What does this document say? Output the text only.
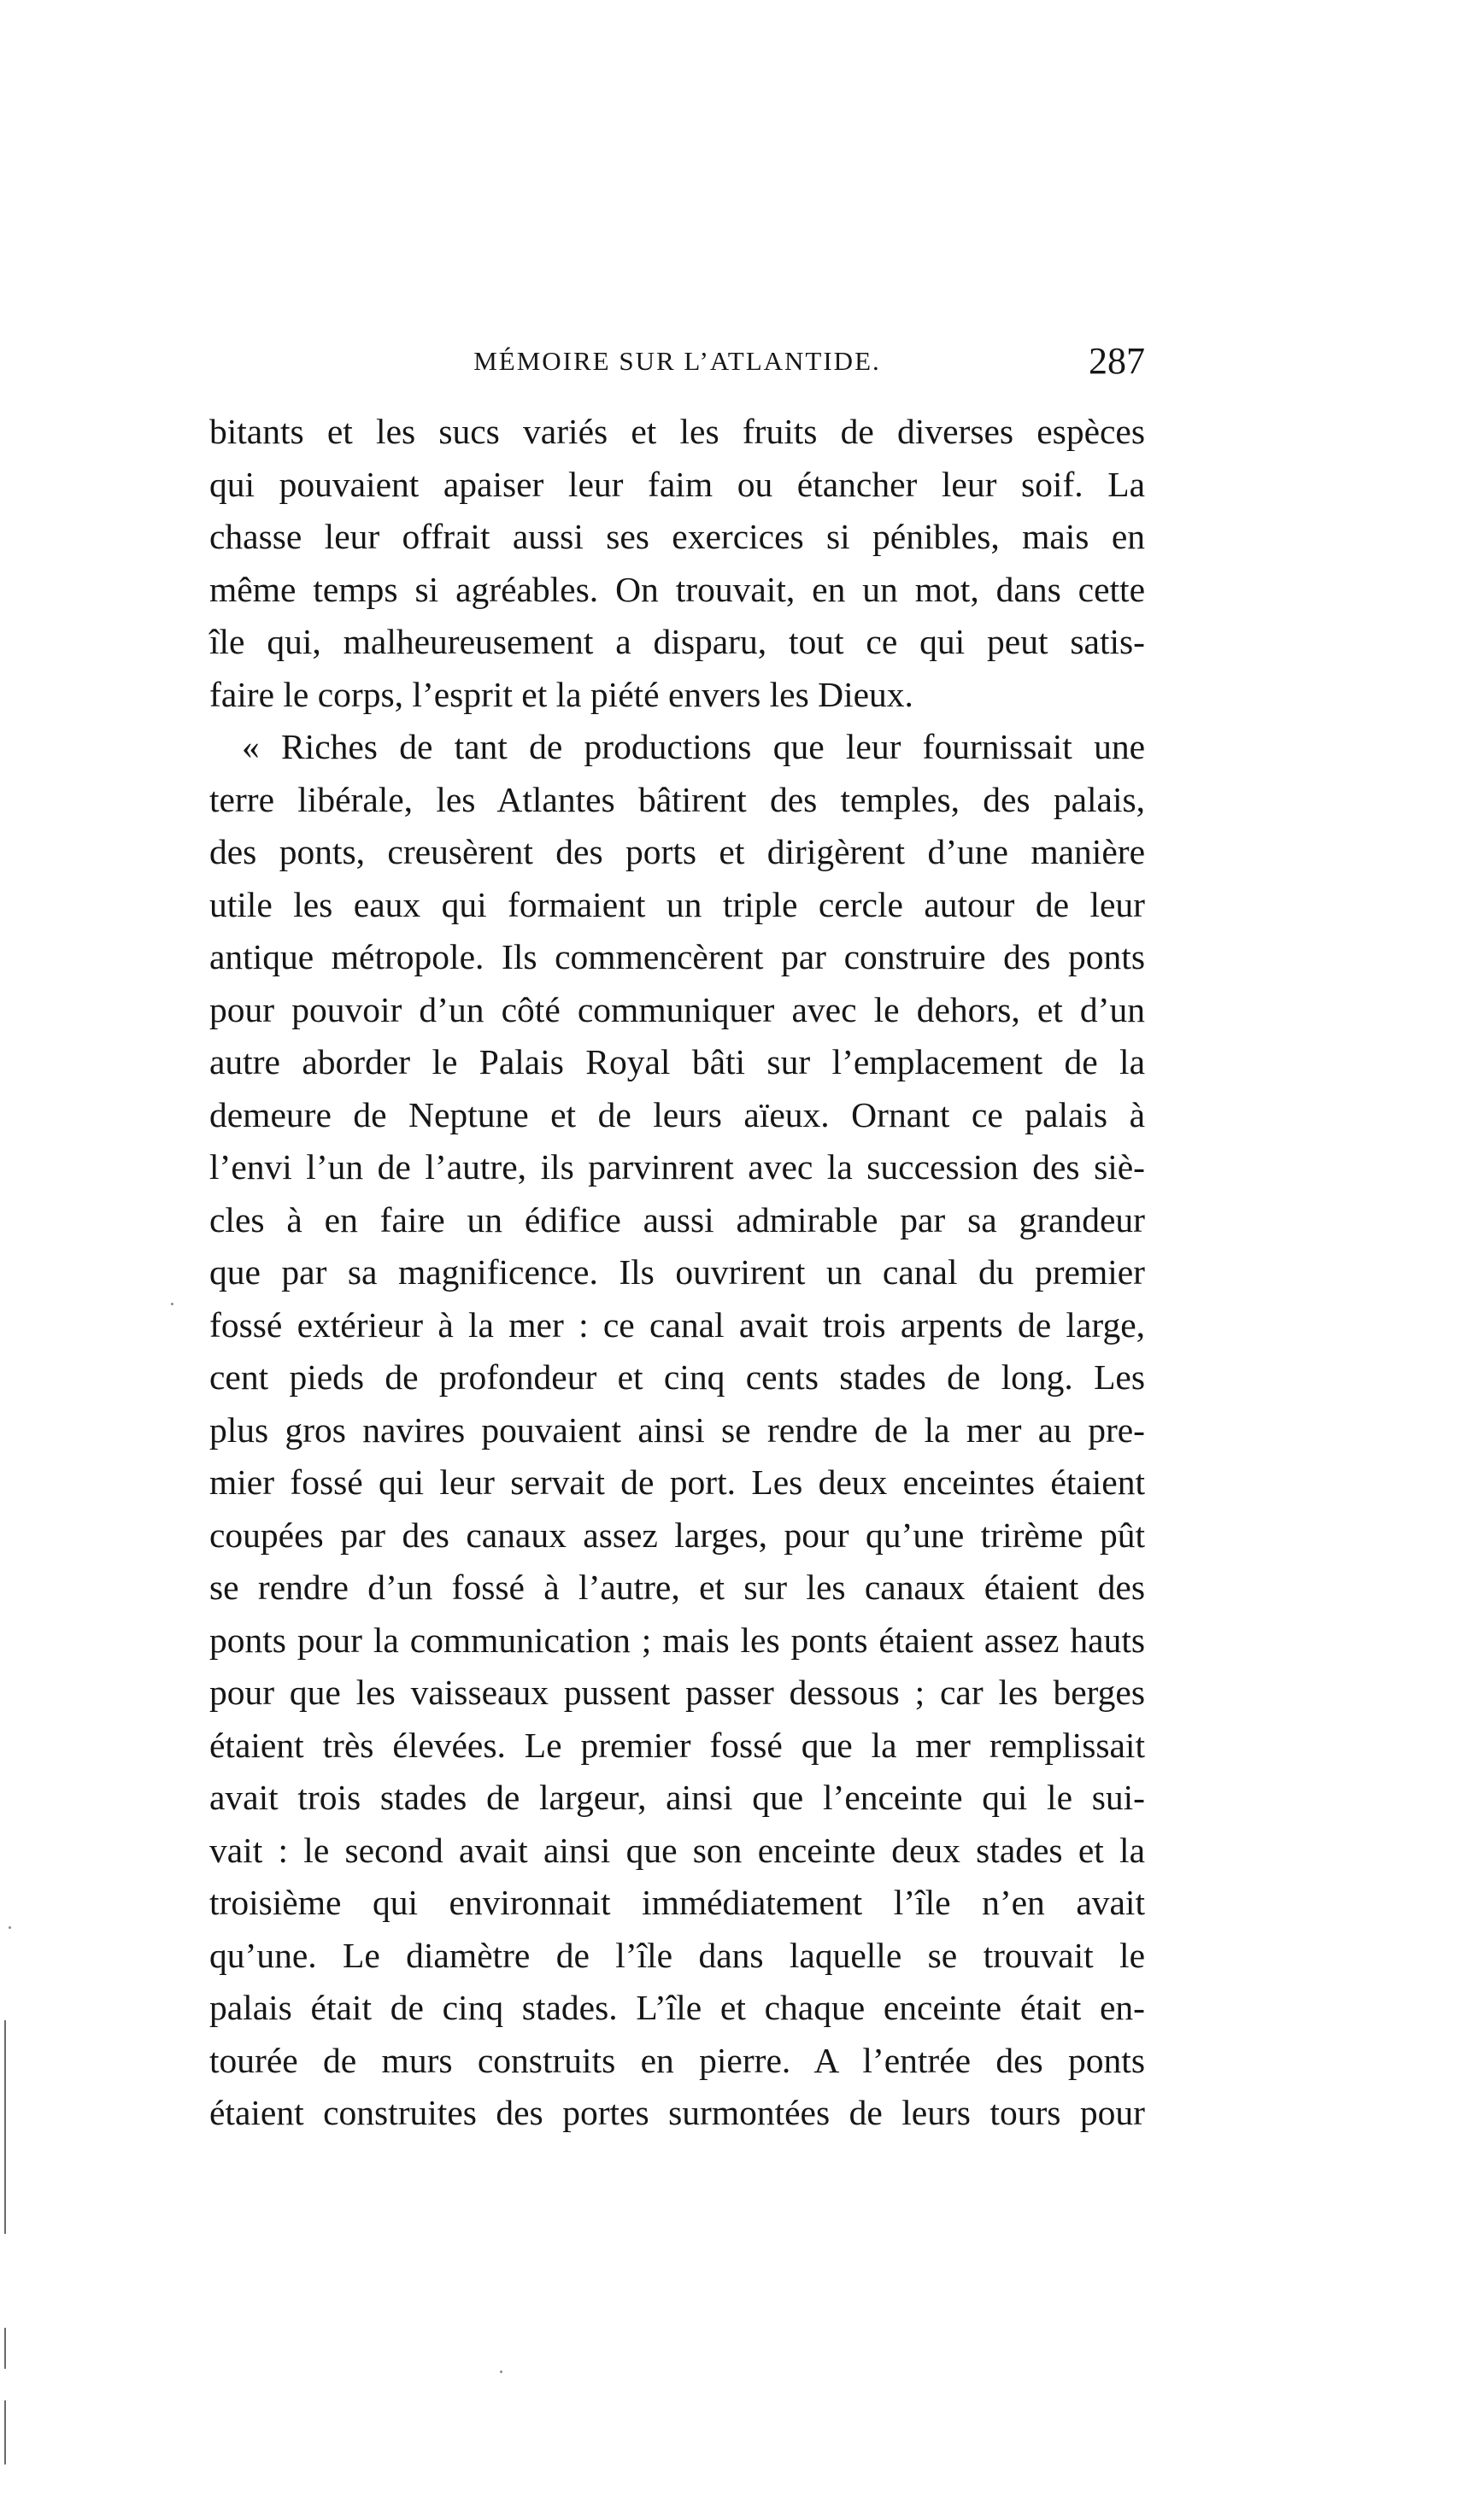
MÉMOIRE SUR L’ATLANTIDE.	287
bitants et les sucs variés et les fruits de diverses espèces
qui pouvaient apaiser leur faim ou étancher leur soif. La
chasse leur offrait aussi ses exercices si pénibles, mais en
même temps si agréables. On trouvait, en un mot, dans cette
île qui, malheureusement a disparu, tout ce qui peut satis-
faire le corps, l’esprit et la piété envers les Dieux.
« Riches de tant de productions que leur fournissait une
terre libérale, les Atlantes bâtirent des temples, des palais,
des ponts, creusèrent des ports et dirigèrent d’une manière
utile les eaux qui formaient un triple cercle autour de leur
antique métropole. Ils commencèrent par construire des ponts
pour pouvoir d’un côté communiquer avec le dehors, et d’un
autre aborder le Palais Royal bâti sur l’emplacement de la
demeure de Neptune et de leurs aïeux. Ornant ce palais à
l’envi l’un de l’autre, ils parvinrent avec la succession des siè-
cles à en faire un édifice aussi admirable par sa grandeur
que par sa magnificence. Ils ouvrirent un canal du premier
fossé extérieur à la mer : ce canal avait trois arpents de large,
cent pieds de profondeur et cinq cents stades de long. Les
plus gros navires pouvaient ainsi se rendre de la mer au pre-
mier fossé qui leur servait de port. Les deux enceintes étaient
coupées par des canaux assez larges, pour qu’une trirème pût
se rendre d’un fossé à l’autre, et sur les canaux étaient des
ponts pour la communication ; mais les ponts étaient assez hauts
pour que les vaisseaux pussent passer dessous ; car les berges
étaient très élevées. Le premier fossé que la mer remplissait
avait trois stades de largeur, ainsi que l’enceinte qui le sui-
vait : le second avait ainsi que son enceinte deux stades et la
troisième qui environnait immédiatement l’île n’en avait
qu’une. Le diamètre de l’île dans laquelle se trouvait le
palais était de cinq stades. L’île et chaque enceinte était en-
tourée de murs construits en pierre. A l’entrée des ponts
étaient construites des portes surmontées de leurs tours pour
